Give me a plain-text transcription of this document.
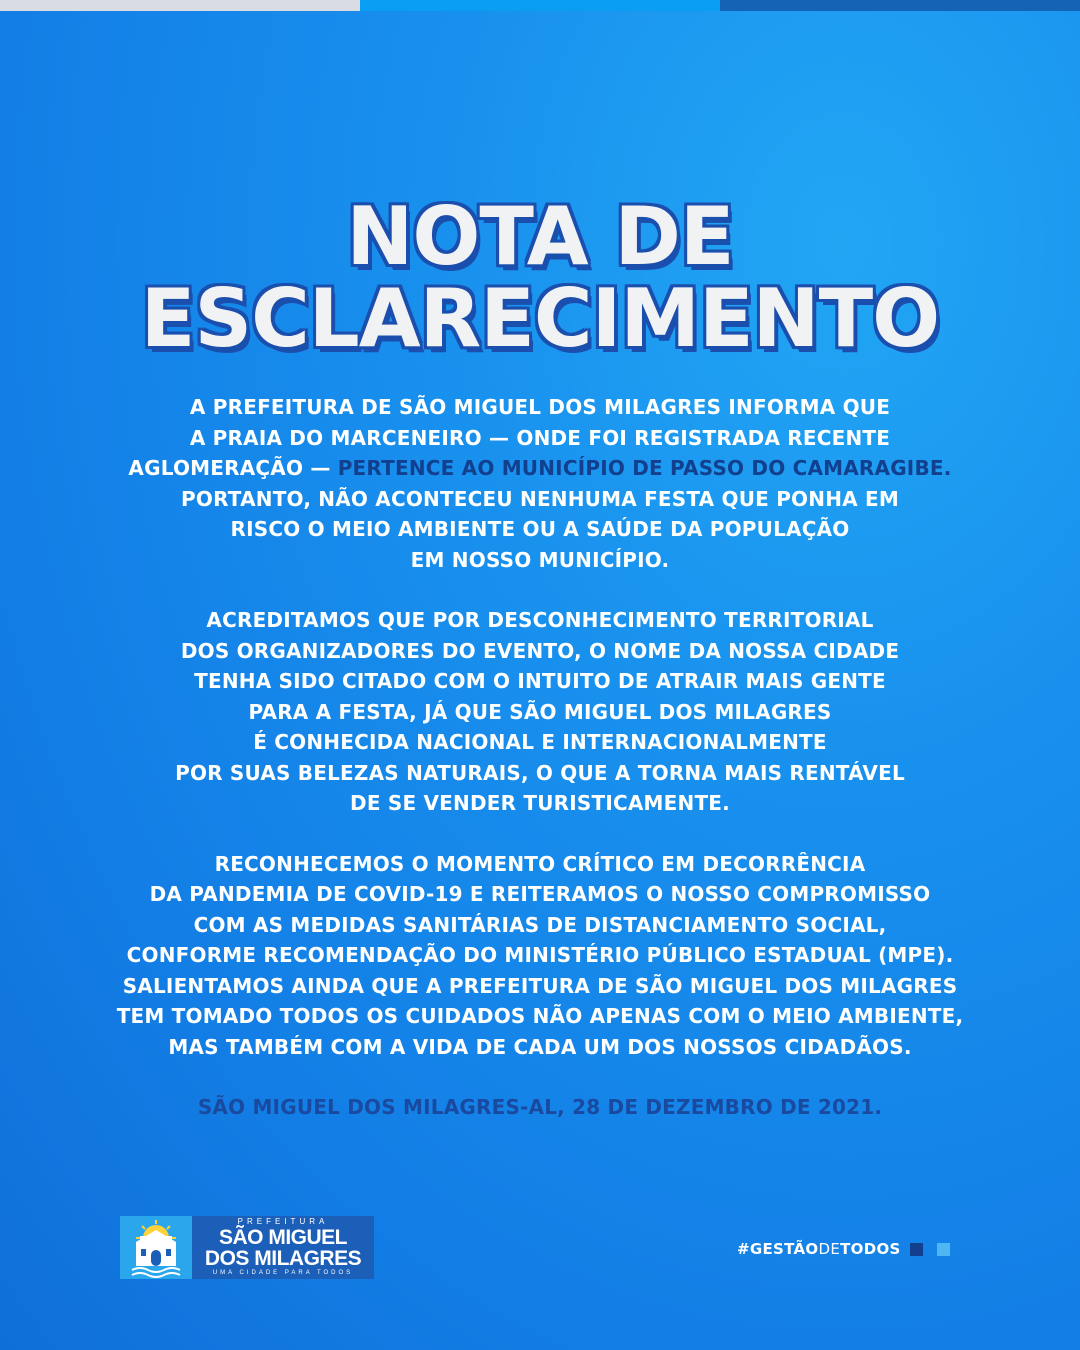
NOTA DE
ESCLARECIMENTO

A PREFEITURA DE SÃO MIGUEL DOS MILAGRES INFORMA QUE
A PRAIA DO MARCENEIRO — ONDE FOI REGISTRADA RECENTE
AGLOMERAÇÃO — PERTENCE AO MUNICÍPIO DE PASSO DO CAMARAGIBE.
PORTANTO, NÃO ACONTECEU NENHUMA FESTA QUE PONHA EM
RISCO O MEIO AMBIENTE OU A SAÚDE DA POPULAÇÃO
EM NOSSO MUNICÍPIO.

ACREDITAMOS QUE POR DESCONHECIMENTO TERRITORIAL
DOS ORGANIZADORES DO EVENTO, O NOME DA NOSSA CIDADE
TENHA SIDO CITADO COM O INTUITO DE ATRAIR MAIS GENTE
PARA A FESTA, JÁ QUE SÃO MIGUEL DOS MILAGRES
É CONHECIDA NACIONAL E INTERNACIONALMENTE
POR SUAS BELEZAS NATURAIS, O QUE A TORNA MAIS RENTÁVEL
DE SE VENDER TURISTICAMENTE.

RECONHECEMOS O MOMENTO CRÍTICO EM DECORRÊNCIA
DA PANDEMIA DE COVID-19 E REITERAMOS O NOSSO COMPROMISSO
COM AS MEDIDAS SANITÁRIAS DE DISTANCIAMENTO SOCIAL,
CONFORME RECOMENDAÇÃO DO MINISTÉRIO PÚBLICO ESTADUAL (MPE).
SALIENTAMOS AINDA QUE A PREFEITURA DE SÃO MIGUEL DOS MILAGRES
TEM TOMADO TODOS OS CUIDADOS NÃO APENAS COM O MEIO AMBIENTE,
MAS TAMBÉM COM A VIDA DE CADA UM DOS NOSSOS CIDADÃOS.

SÃO MIGUEL DOS MILAGRES-AL, 28 DE DEZEMBRO DE 2021.

PREFEITURA
SÃO MIGUEL
DOS MILAGRES
UMA CIDADE PARA TODOS
#GESTÃO DE TODOS
